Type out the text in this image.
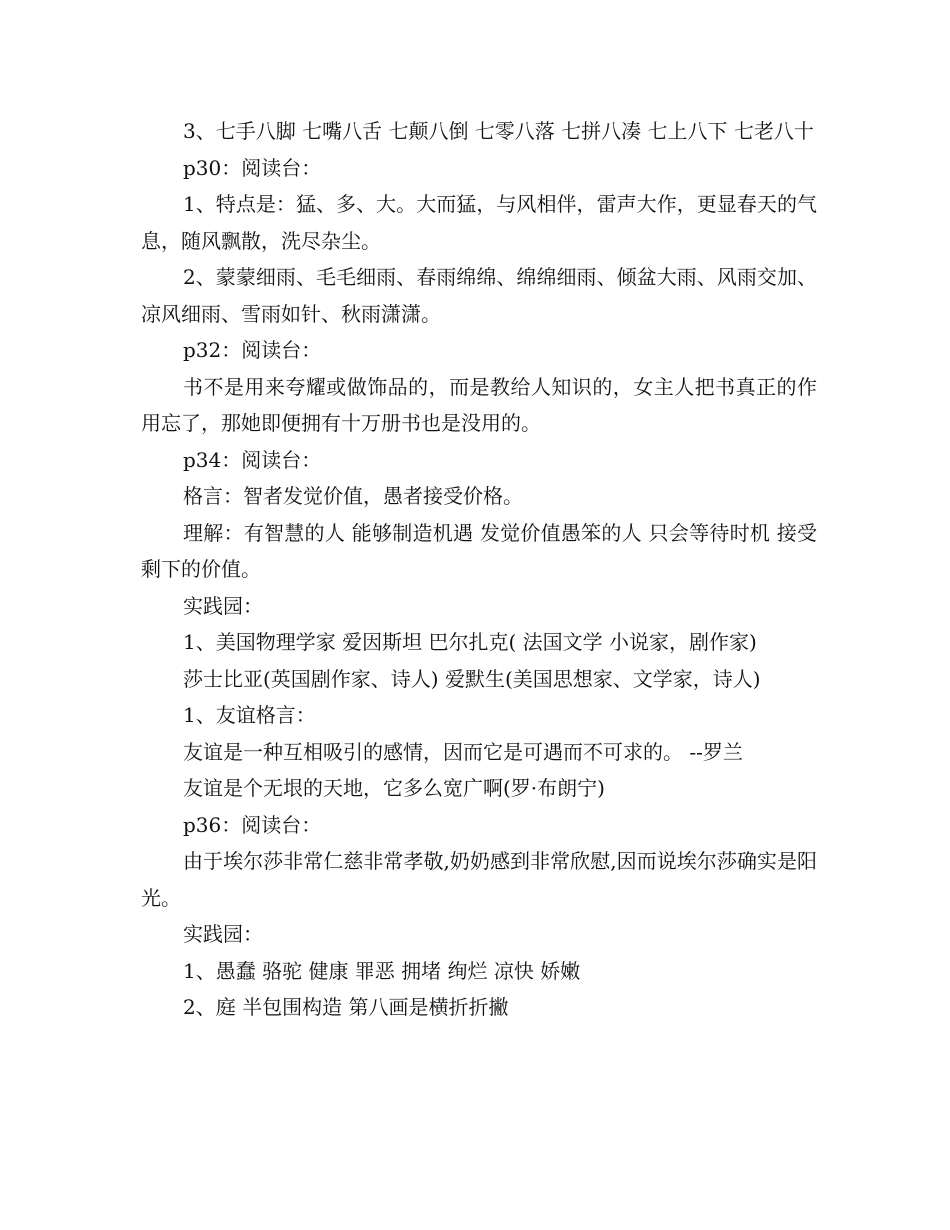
3、七手八脚 七嘴八舌 七颠八倒 七零八落 七拼八凑 七上八下 七老八十

p30：阅读台：

1、特点是：猛、多、大。大而猛，与风相伴，雷声大作，更显春天的气息，随风飘散，洗尽杂尘。

2、蒙蒙细雨、毛毛细雨、春雨绵绵、绵绵细雨、倾盆大雨、风雨交加、凉风细雨、雪雨如针、秋雨潇潇。

p32：阅读台：

书不是用来夸耀或做饰品的，而是教给人知识的，女主人把书真正的作用忘了，那她即便拥有十万册书也是没用的。

p34：阅读台：

格言：智者发觉价值，愚者接受价格。

理解：有智慧的人 能够制造机遇 发觉价值愚笨的人 只会等待时机 接受剩下的价值。

实践园：

1、美国物理学家 爱因斯坦 巴尔扎克( 法国文学 小说家，剧作家)

莎士比亚(英国剧作家、诗人) 爱默生(美国思想家、文学家，诗人)

1、友谊格言：

友谊是一种互相吸引的感情，因而它是可遇而不可求的。 --罗兰

友谊是个无垠的天地，它多么宽广啊(罗·布朗宁)

p36：阅读台：

由于埃尔莎非常仁慈非常孝敬,奶奶感到非常欣慰,因而说埃尔莎确实是阳光。

实践园：

1、愚蠢 骆驼 健康 罪恶 拥堵 绚烂 凉快 娇嫩

2、庭 半包围构造 第八画是横折折撇
